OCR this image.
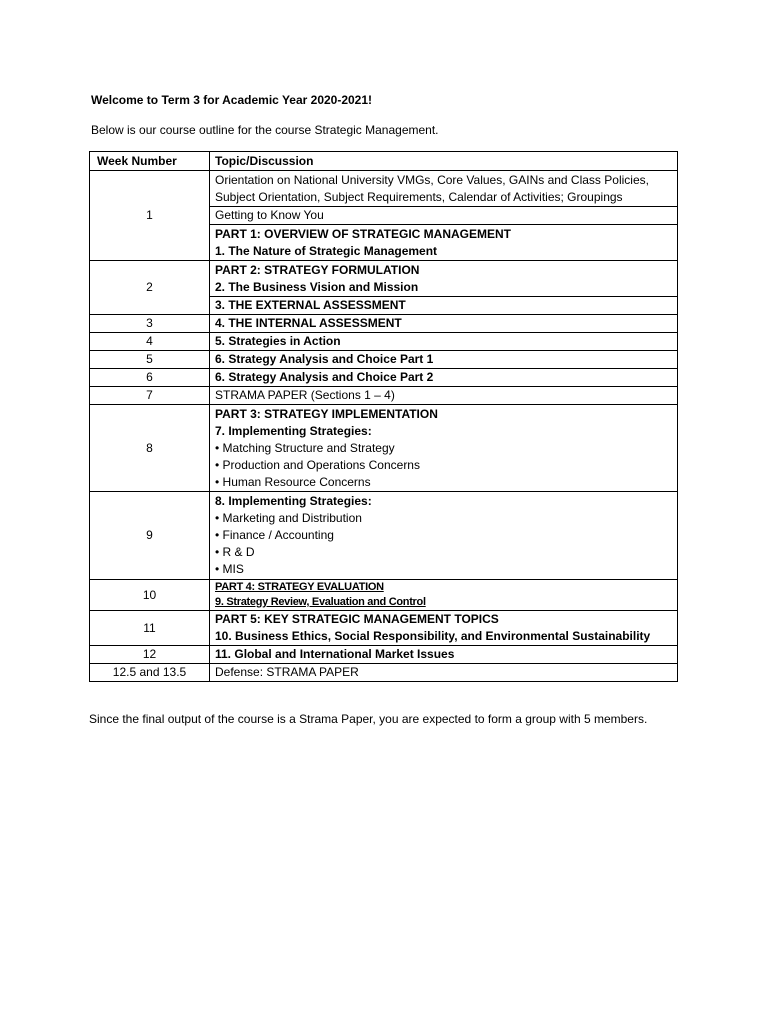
Welcome to Term 3 for Academic Year 2020-2021!
Below is our course outline for the course Strategic Management.
Week Number	Topic/Discussion
1	Orientation on National University VMGs, Core Values, GAINs and Class Policies,
Subject Orientation, Subject Requirements, Calendar of Activities; Groupings

	Getting to Know You

	PART 1: OVERVIEW OF STRATEGIC MANAGEMENT
1. The Nature of Strategic Management

2	PART 2: STRATEGY FORMULATION
2. The Business Vision and Mission

	3. THE EXTERNAL ASSESSMENT
3	4. THE INTERNAL ASSESSMENT
4	5. Strategies in Action
5	6. Strategy Analysis and Choice Part 1
6	6. Strategy Analysis and Choice Part 2
7	STRAMA PAPER (Sections 1 – 4)
8	PART 3: STRATEGY IMPLEMENTATION
7. Implementing Strategies:
• Matching Structure and Strategy
• Production and Operations Concerns
• Human Resource Concerns

9	8. Implementing Strategies:
• Marketing and Distribution
• Finance / Accounting
• R & D
• MIS

10	PART 4: STRATEGY EVALUATION
9. Strategy Review, Evaluation and Control

11	PART 5: KEY STRATEGIC MANAGEMENT TOPICS
10. Business Ethics, Social Responsibility, and Environmental Sustainability

12	11. Global and International Market Issues
12.5 and 13.5	Defense: STRAMA PAPER
Since the final output of the course is a Strama Paper, you are expected to form a group with 5 members.
